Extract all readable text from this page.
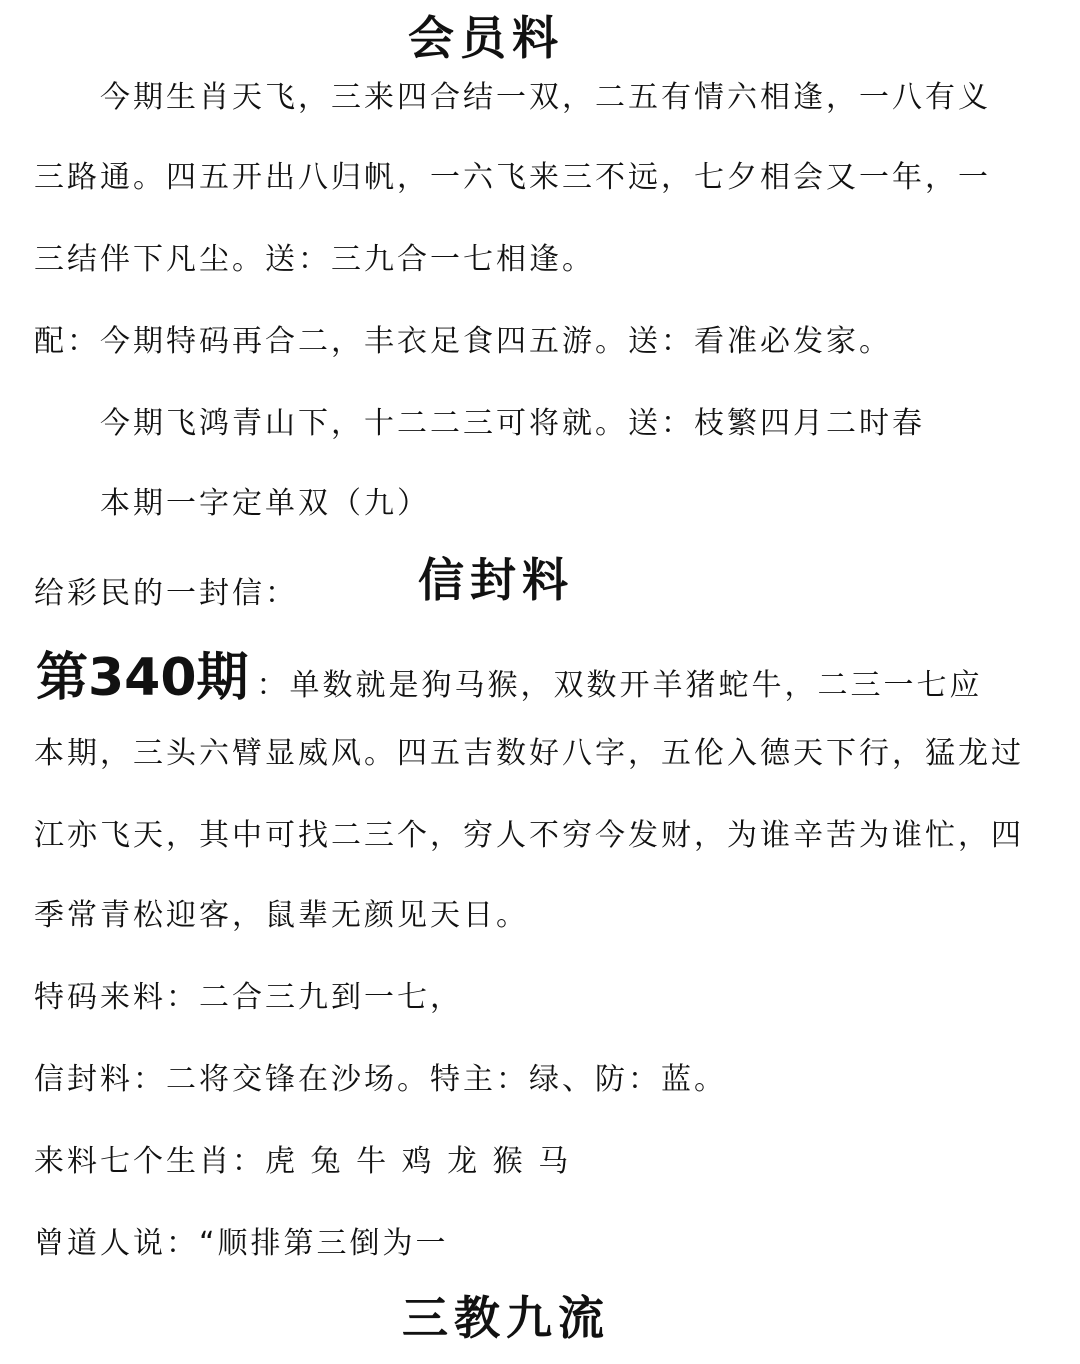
会员料
今期生肖天飞，三来四合结一双，二五有情六相逢，一八有义
三路通。四五开出八归帆，一六飞来三不远，七夕相会又一年，一
三结伴下凡尘。送：三九合一七相逢。
配：今期特码再合二，丰衣足食四五游。送：看准必发家。
今期飞鸿青山下，十二二三可将就。送：枝繁四月二时春
本期一字定单双（九）
给彩民的一封信：	信封料
第340期 ：单数就是狗马猴，双数开羊猪蛇牛，二三一七应
本期，三头六臂显威风。四五吉数好八字，五伦入德天下行，猛龙过
江亦飞天，其中可找二三个，穷人不穷今发财，为谁辛苦为谁忙，四
季常青松迎客，鼠辈无颜见天日。
特码来料：二合三九到一七，
信封料：二将交锋在沙场。特主：绿、防：蓝。
来料七个生肖：虎 兔 牛 鸡 龙 猴 马
曾道人说：“顺排第三倒为一
三教九流
